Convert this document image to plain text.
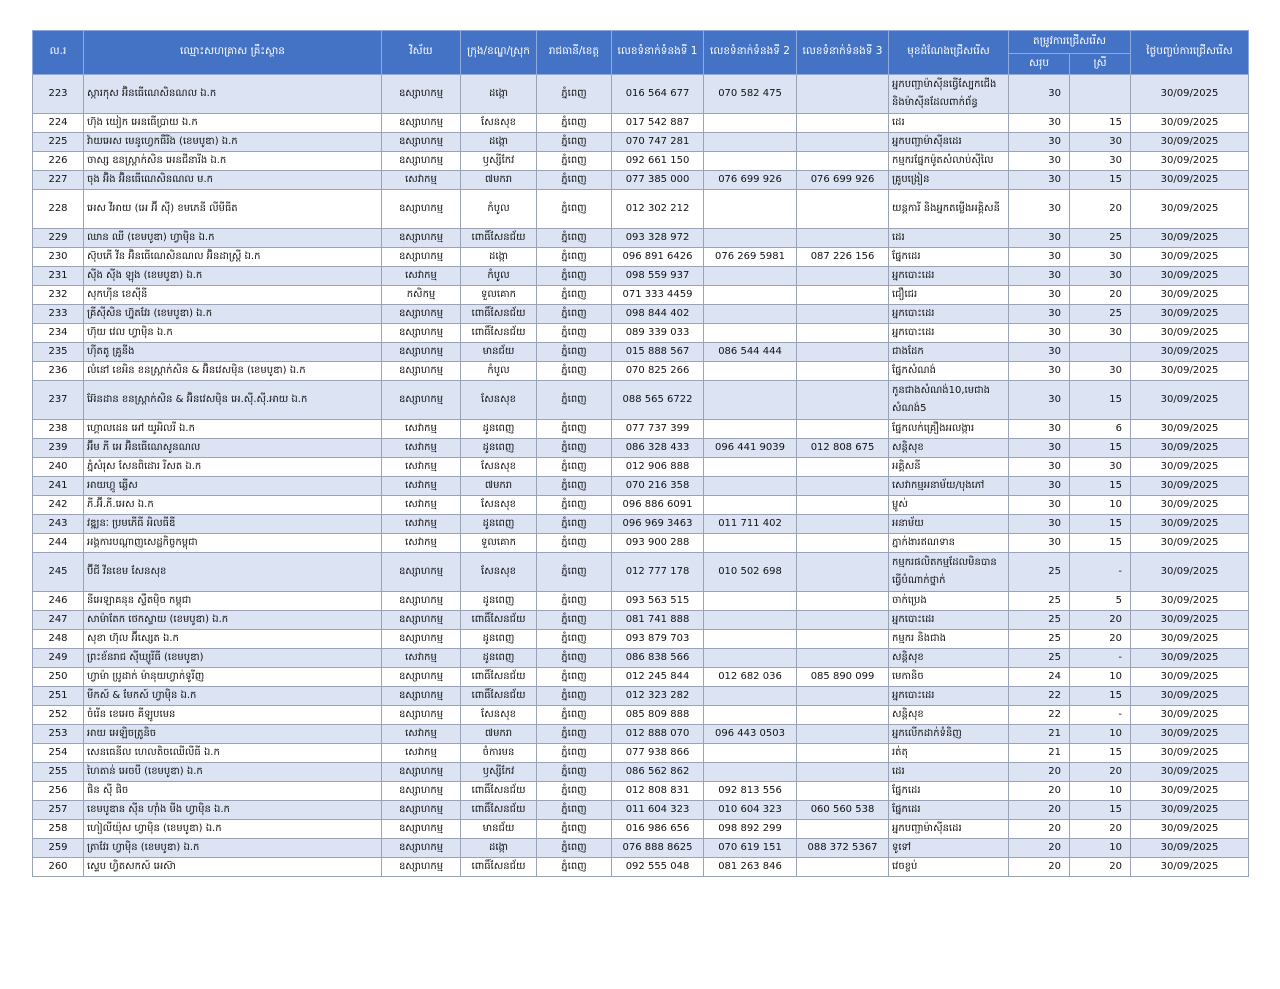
ល.រ	ឈ្មោះសហគ្រាស គ្រឹះស្ថាន	វិស័យ	ក្រុង/ខណ្ឌ/ស្រុក	រាជធានី/ខេត្ត	លេខទំនាក់ទំនងទី 1	លេខទំនាក់ទំនងទី 2	លេខទំនាក់ទំនងទី 3	មុខដំណែងជ្រើសរើស	តម្រូវការជ្រើសរើស		ថ្ងៃបញ្ចប់ការជ្រើសរើស
									សរុប	ស្រី	
223	ស្ការកុស អ៊ិនធើណេសិនណល ឯ.ក	ឧស្សាហកម្ម	ដង្កោ	ភ្នំពេញ	016 564 677	070 582 475		អ្នកបញ្ជាម៉ាស៊ីនធ្វើស្បែកជើង និងម៉ាស៊ីនដែលពាក់ព័ន្ធ	30		30/09/2025
224	ហ៊ុង យៀក អេនធើប្រាយ ឯ.ក	ឧស្សាហកម្ម	សែនសុខ	ភ្នំពេញ	017 542 887			ដេរ	30	15	30/09/2025
225	វ៉ាយអេស មេនូហ្វេកធឺរីង (ខេមបូឌា) ឯ.ក	ឧស្សាហកម្ម	ដង្កោ	ភ្នំពេញ	070 747 281			អ្នកបញ្ជាម៉ាស៊ីនដេរ	30	30	30/09/2025
226	ចាស្ស ឧនស្ត្រាក់សិន អេនជីនារីង ឯ.ក	ឧស្សាហកម្ម	ឫស្សីកែវ	ភ្នំពេញ	092 661 150			កម្មករផ្នែកម៉ូតសំលាប់ស៊ីលៃ	30	30	30/09/2025
227	ចុង អ៊ិង អ៊ិនធើណេសិនណល ម.ក	សេវាកម្ម	៧មករា	ភ្នំពេញ	077 385 000	076 699 926	076 699 926	គ្រូបង្រៀន	30	15	30/09/2025
228	អេស វីអាយ (អេ អ៊ី ស៊ី) ខមភេនី លីមីធីត	ឧស្សាហកម្ម	កំបូល	ភ្នំពេញ	012 302 212			យន្តការី និងអ្នកតម្លើងអគ្គិសនី	30	20	30/09/2025
229	ឈាន ឈី (ខេមបូឌា) ហ្វាម៉ិន ឯ.ក	ឧស្សាហកម្ម	ពោធិ៍សែនជ័យ	ភ្នំពេញ	093 328 972			ដេរ	30	25	30/09/2025
230	ស៊ុបភើ វីន អ៊ិនធើណេសិនណល អ៊ិនដាស្ត្រី ឯ.ក	ឧស្សាហកម្ម	ដង្កោ	ភ្នំពេញ	096 891 6426	076 269 5981	087 226 156	ផ្នែកដេរ	30	30	30/09/2025
231	ស៊ីង ស៊ីង ឡុង (ខេមបូឌា) ឯ.ក	សេវាកម្ម	កំបូល	ភ្នំពេញ	098 559 937			អ្នកបោះដេរ	30	30	30/09/2025
232	សុកហ៊ីន ខេស៊ីនី	កសិកម្ម	ទួលគោក	ភ្នំពេញ	071 333 4459			ជឿជេរ	30	20	30/09/2025
233	គ្រីស៊ីសិន ហ្វ៊ុតវែរ (ខេមបូឌា) ឯ.ក	ឧស្សាហកម្ម	ពោធិ៍សែនជ័យ	ភ្នំពេញ	098 844 402			អ្នកបោះដេរ	30	25	30/09/2025
234	ហ៊ុយ វេល ហ្វាម៉ិន ឯ.ក	ឧស្សាហកម្ម	ពោធិ៍សែនជ័យ	ភ្នំពេញ	089 339 033			អ្នកបោះដេរ	30	30	30/09/2025
235	ហ៊ីតតូ គ្រូនីង	ឧស្សាហកម្ម	មានជ័យ	ភ្នំពេញ	015 888 567	086 544 444		ជាងដែក	30		30/09/2025
236	លំនៅ ខេអិន ខនស្ត្រាក់សិន & អ៊ិនវេសម៉ិន (ខេមបូឌា) ឯ.ក	ឧស្សាហកម្ម	កំបូល	ភ្នំពេញ	070 825 266			ផ្នែកសំណង់	30	30	30/09/2025
237	អ៊ែនដាន ខនស្ត្រាក់សិន & អ៊ិនវេសម៉ិន អេ.ស៊ី.ស៊ី.អាយ ឯ.ក	ឧស្សាហកម្ម	សែនសុខ	ភ្នំពេញ	088 565 6722			កូនជាងសំណង់10,មេជាងសំណង់5	30	15	30/09/2025
238	ហ្គោលដេន អៅ យូអិលរី ឯ.ក	សេវាកម្ម	ដូនពេញ	ភ្នំពេញ	077 737 399			ផ្នែកលក់គ្រឿងអលង្ការ	30	6	30/09/2025
239	អ៊ីម ភី អេ អ៊ិនធើណេសូនណល	សេវាកម្ម	ដូនពេញ	ភ្នំពេញ	086 328 433	096 441 9039	012 808 675	សន្តិសុខ	30	15	30/09/2025
240	ភ្នំសំរុស សែនពិដោរ រីសត ឯ.ក	សេវាកម្ម	សែនសុខ	ភ្នំពេញ	012 906 888			អគ្គិសនី	30	30	30/09/2025
241	អាយហ្គូ ឆ្លើស	សេវាកម្ម	៧មករា	ភ្នំពេញ	070 216 358			សេវាកម្មអនាម័យ/បុងភៅ	30	15	30/09/2025
242	ភី.អ៊ី.ភី.អេស ឯ.ក	សេវាកម្ម	សែនសុខ	ភ្នំពេញ	096 886 6091			ម្ហូស់	30	10	30/09/2025
243	វឌ្ឍនៈ ប្រមភើធី អិលធីឌី	សេវាកម្ម	ដូនពេញ	ភ្នំពេញ	096 969 3463	011 711 402		អនាម័យ	30	15	30/09/2025
244	អង្គការបណ្ដាញសេដ្ឋកិច្ចកម្ពុជា	សេវាកម្ម	ទួលគោក	ភ្នំពេញ	093 900 288			ភ្នាក់ងារឥណទាន	30	15	30/09/2025
245	ប៊ីជី វីនខេម សែនសុខ	ឧស្សាហកម្ម	សែនសុខ	ភ្នំពេញ	012 777 178	010 502 698		កម្មករផលិតកម្មដែលមិនបានធ្វើបំណាក់ថ្នាក់	25	-	30/09/2025
246	នីអេឡាគនុន ស្ទឺតម៉ិច កម្ពុជា	ឧស្សាហកម្ម	ដូនពេញ	ភ្នំពេញ	093 563 515			ចាក់ប្រេង	25	5	30/09/2025
247	សាម៉ាតែក ថេកស្ទាយ (ខេមបូឌា) ឯ.ក	ឧស្សាហកម្ម	ពោធិ៍សែនជ័យ	ភ្នំពេញ	081 741 888			អ្នកបោះដេរ	25	20	30/09/2025
248	សុខា ហ៊ុល អ៊ីស្សេត ឯ.ក	ឧស្សាហកម្ម	ដូនពេញ	ភ្នំពេញ	093 879 703			កម្មករ និងជាង	25	20	30/09/2025
249	ព្រះខ័នរាជ ស៊ីឃ្យូរីធី (ខេមបូឌា)	សេវាកម្ម	ដូនពេញ	ភ្នំពេញ	086 838 566			សន្តិសុខ	25	-	30/09/2025
250	ហ្វាម៉ា ប្រូដាក់ ម៉ានុយហ្វាក់ទូរីញ	ឧស្សាហកម្ម	ពោធិ៍សែនជ័យ	ភ្នំពេញ	012 245 844	012 682 036	085 890 099	មេកានិច	24	10	30/09/2025
251	មីកស៍ & មែកស៍ ហ្វាម៉ិន ឯ.ក	ឧស្សាហកម្ម	ពោធិ៍សែនជ័យ	ភ្នំពេញ	012 323 282			អ្នកបោះដេរ	22	15	30/09/2025
252	ចំរើន ខេអេច គីឡូបមេន	ឧស្សាហកម្ម	សែនសុខ	ភ្នំពេញ	085 809 888			សន្តិសុខ	22	-	30/09/2025
253	អាយ អេឡិចត្រូនិច	សេវាកម្ម	៧មករា	ភ្នំពេញ	012 888 070	096 443 0503		អ្នកលើកដាក់ទំនិញ	21	10	30/09/2025
254	សេនធេនីល ហេលតិចឈើលីធី ឯ.ក	សេវាកម្ម	ចំការមន	ភ្នំពេញ	077 938 866			រត់តុ	21	15	30/09/2025
255	ហៃតាន់ អេចបី (ខេមបូឌា) ឯ.ក	ឧស្សាហកម្ម	ឫស្សីកែវ	ភ្នំពេញ	086 562 862			ដេរ	20	20	30/09/2025
256	ផិន ស៊ី ផិច	ឧស្សាហកម្ម	ពោធិ៍សែនជ័យ	ភ្នំពេញ	012 808 831	092 813 556		ផ្នែកដេរ	20	10	30/09/2025
257	ខេមបូឌាន ស៊ីន ហ៊ាំង មីង ហ្វាម៉ិន ឯ.ក	ឧស្សាហកម្ម	ពោធិ៍សែនជ័យ	ភ្នំពេញ	011 604 323	010 604 323	060 560 538	ផ្នែកដេរ	20	15	30/09/2025
258	ហៀលីយ៉ុស ហ្វាម៉ិន (ខេមបូឌា) ឯ.ក	ឧស្សាហកម្ម	មានជ័យ	ភ្នំពេញ	016 986 656	098 892 299		អ្នកបញ្ជាម៉ាស៊ីនដេរ	20	20	30/09/2025
259	ត្រាវែរ ហ្វាម៉ិន (ខេមបូឌា) ឯ.ក	ឧស្សាហកម្ម	ដង្កោ	ភ្នំពេញ	076 888 8625	070 619 151	088 372 5367	ទូទៅ	20	10	30/09/2025
260	ស្ទេប ហ្វិតសកស៍ អេស៊ា	ឧស្សាហកម្ម	ពោធិ៍សែនជ័យ	ភ្នំពេញ	092 555 048	081 263 846		វេចខ្ចប់	20	20	30/09/2025
